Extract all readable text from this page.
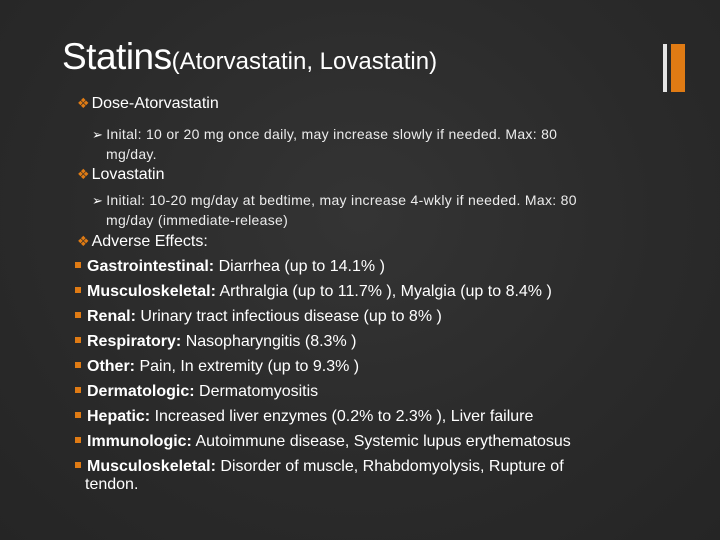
Statins(Atorvastatin, Lovastatin)
❖ Dose-Atorvastatin
➢ Inital: 10 or 20 mg once daily, may increase slowly if needed. Max: 80
mg/day.
❖ Lovastatin
➢ Initial: 10-20 mg/day at bedtime, may increase 4-wkly if needed. Max: 80
mg/day (immediate-release)
❖ Adverse Effects:
Gastrointestinal: Diarrhea (up to 14.1% )
Musculoskeletal: Arthralgia (up to 11.7% ), Myalgia (up to 8.4% )
Renal: Urinary tract infectious disease (up to 8% )
Respiratory: Nasopharyngitis (8.3% )
Other: Pain, In extremity (up to 9.3% )
Dermatologic: Dermatomyositis
Hepatic: Increased liver enzymes (0.2% to 2.3% ), Liver failure
Immunologic: Autoimmune disease, Systemic lupus erythematosus
Musculoskeletal: Disorder of muscle, Rhabdomyolysis, Rupture of
tendon.
